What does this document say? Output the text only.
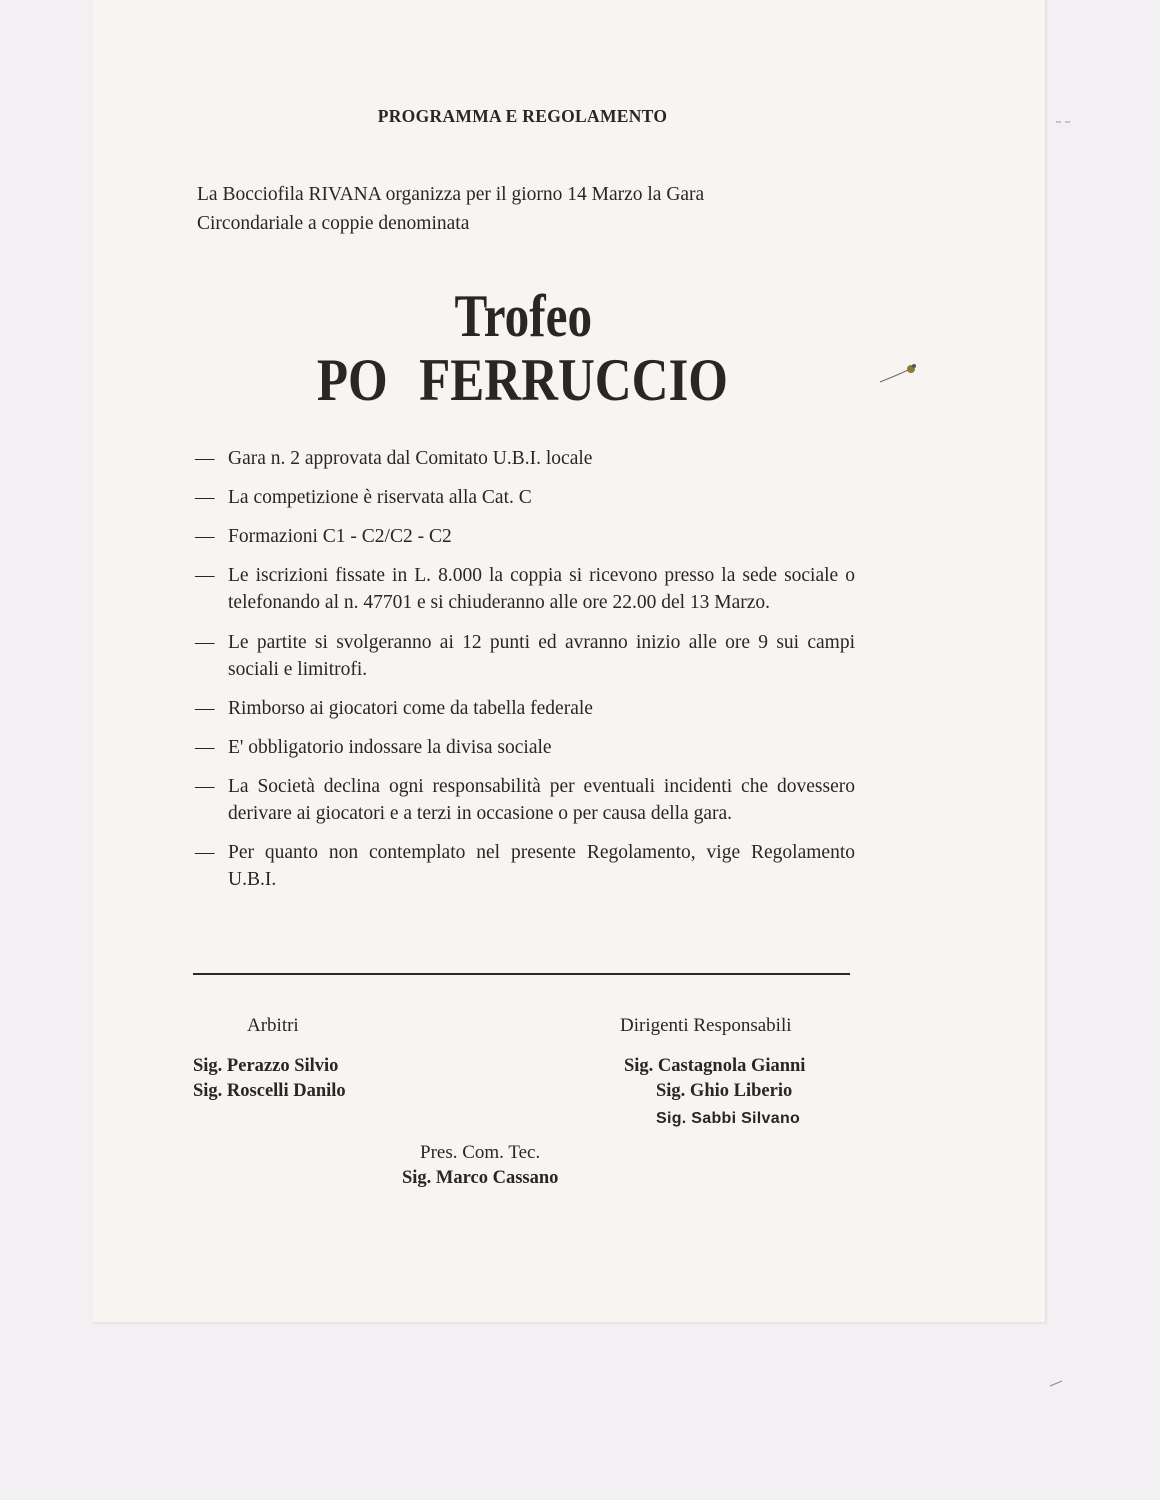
PROGRAMMA E REGOLAMENTO
La Bocciofila RIVANA organizza per il giorno 14 Marzo la Gara
Circondariale a coppie denominata
Trofeo
PO FERRUCCIO
— Gara n. 2 approvata dal Comitato U.B.I. locale
— La competizione è riservata alla Cat. C
— Formazioni C1 - C2/C2 - C2
— Le iscrizioni fissate in L. 8.000 la coppia si ricevono presso la sede sociale o telefonando al n. 47701 e si chiuderanno alle ore 22.00 del 13 Marzo.
— Le partite si svolgeranno ai 12 punti ed avranno inizio alle ore 9 sui campi sociali e limitrofi.
— Rimborso ai giocatori come da tabella federale
— E' obbligatorio indossare la divisa sociale
— La Società declina ogni responsabilità per eventuali incidenti che dovessero derivare ai giocatori e a terzi in occasione o per causa della gara.
— Per quanto non contemplato nel presente Regolamento, vige Regolamento U.B.I.
Arbitri
Sig. Perazzo Silvio
Sig. Roscelli Danilo
Dirigenti Responsabili
Sig. Castagnola Gianni
Sig. Ghio Liberio
Sig. Sabbi Silvano
Pres. Com. Tec.
Sig. Marco Cassano
